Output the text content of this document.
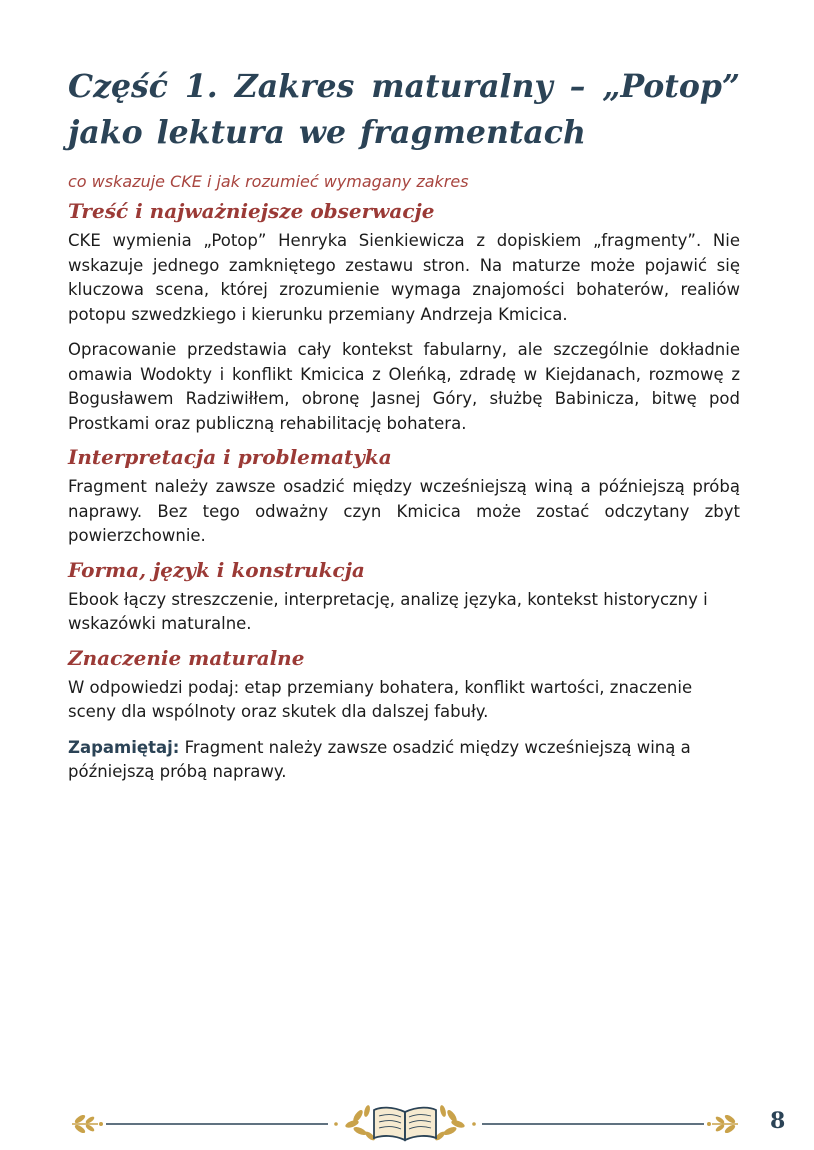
Część 1. Zakres maturalny – „Potop” jako lektura we fragmentach

co wskazuje CKE i jak rozumieć wymagany zakres

Treść i najważniejsze obserwacje

CKE wymienia „Potop” Henryka Sienkiewicza z dopiskiem „fragmenty”. Nie wskazuje jednego zamkniętego zestawu stron. Na maturze może pojawić się kluczowa scena, której zrozumienie wymaga znajomości bohaterów, realiów potopu szwedzkiego i kierunku przemiany Andrzeja Kmicica.

Opracowanie przedstawia cały kontekst fabularny, ale szczególnie dokładnie omawia Wodokty i konflikt Kmicica z Oleńką, zdradę w Kiejdanach, rozmowę z Bogusławem Radziwiłłem, obronę Jasnej Góry, służbę Babinicza, bitwę pod Prostkami oraz publiczną rehabilitację bohatera.

Interpretacja i problematyka

Fragment należy zawsze osadzić między wcześniejszą winą a późniejszą próbą naprawy. Bez tego odważny czyn Kmicica może zostać odczytany zbyt powierzchownie.

Forma, język i konstrukcja

Ebook łączy streszczenie, interpretację, analizę języka, kontekst historyczny i wskazówki maturalne.

Znaczenie maturalne

W odpowiedzi podaj: etap przemiany bohatera, konflikt wartości, znaczenie sceny dla wspólnoty oraz skutek dla dalszej fabuły.

Zapamiętaj: Fragment należy zawsze osadzić między wcześniejszą winą a późniejszą próbą naprawy.

8
